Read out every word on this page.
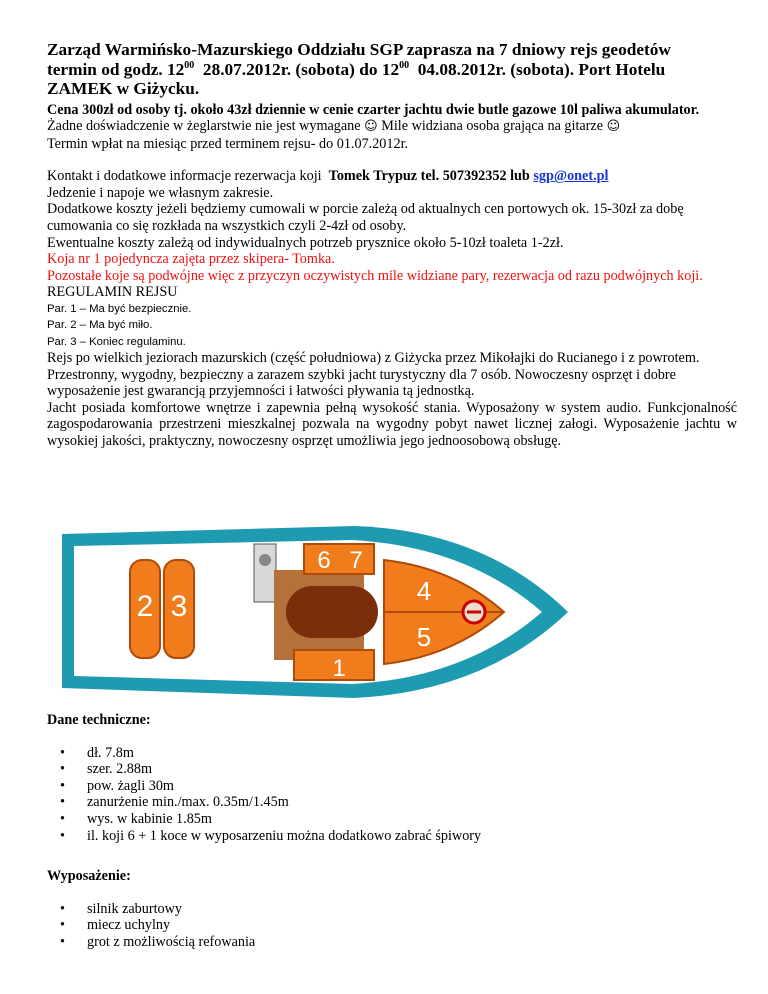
Zarząd Warmińsko-Mazurskiego Oddziału SGP zaprasza na 7 dniowy rejs geodetów
termin od godz. $12^{00}$  28.07.2012r. (sobota) do $12^{00}$  04.08.2012r. (sobota). Port Hotelu
ZAMEK w Giżycku.

Cena 300zł od osoby tj. około 43zł dziennie w cenie czarter jachtu dwie butle gazowe 10l paliwa akumulator.

Żadne doświadczenie w żeglarstwie nie jest wymagane ☺ Mile widziana osoba grająca na gitarze ☺

Termin wpłat na miesiąc przed terminem rejsu- do 01.07.2012r.

Kontakt i dodatkowe informacje rezerwacja koji  Tomek Trypuz tel. 507392352 lub sgp@onet.pl

Jedzenie i napoje we własnym zakresie.

Dodatkowe koszty jeżeli będziemy cumowali w porcie zależą od aktualnych cen portowych ok. 15-30zł za dobę cumowania co się rozkłada na wszystkich czyli 2-4zł od osoby.

Ewentualne koszty zależą od indywidualnych potrzeb prysznice około 5-10zł toaleta 1-2zł.

Koja nr 1 pojedyncza zajęta przez skipera- Tomka.

Pozostałe koje są podwójne więc z przyczyn oczywistych mile widziane pary, rezerwacja od razu podwójnych koji.

REGULAMIN REJSU

Par. 1 – Ma być bezpiecznie.

Par. 2 – Ma być miło.

Par. 3 – Koniec regulaminu.

Rejs po wielkich jeziorach mazurskich (część południowa) z Giżycka przez Mikołajki do Rucianego i z powrotem.

Przestronny, wygodny, bezpieczny a zarazem szybki jacht turystyczny dla 7 osób. Nowoczesny osprzęt i dobre wyposażenie jest gwarancją przyjemności i łatwości pływania tą jednostką.

Jacht posiada komfortowe wnętrze i zapewnia pełną wysokość stania. Wyposażony w system audio. Funkcjonalność zagospodarowania przestrzeni mieszkalnej pozwala na wygodny pobyt nawet licznej załogi. Wyposażenie jachtu w wysokiej jakości, praktyczny, nowoczesny osprzęt umożliwia jego jednoosobową obsługę.

2 3
6 7
4
5
1

Dane techniczne:

• dł. 7.8m
• szer. 2.88m
• pow. żagli 30m
• zanurżenie min./max. 0.35m/1.45m
• wys. w kabinie 1.85m
• il. koji 6 + 1 koce w wyposarzeniu można dodatkowo zabrać śpiwory

Wyposażenie:

• silnik zaburtowy
• miecz uchylny
• grot z możliwością refowania
